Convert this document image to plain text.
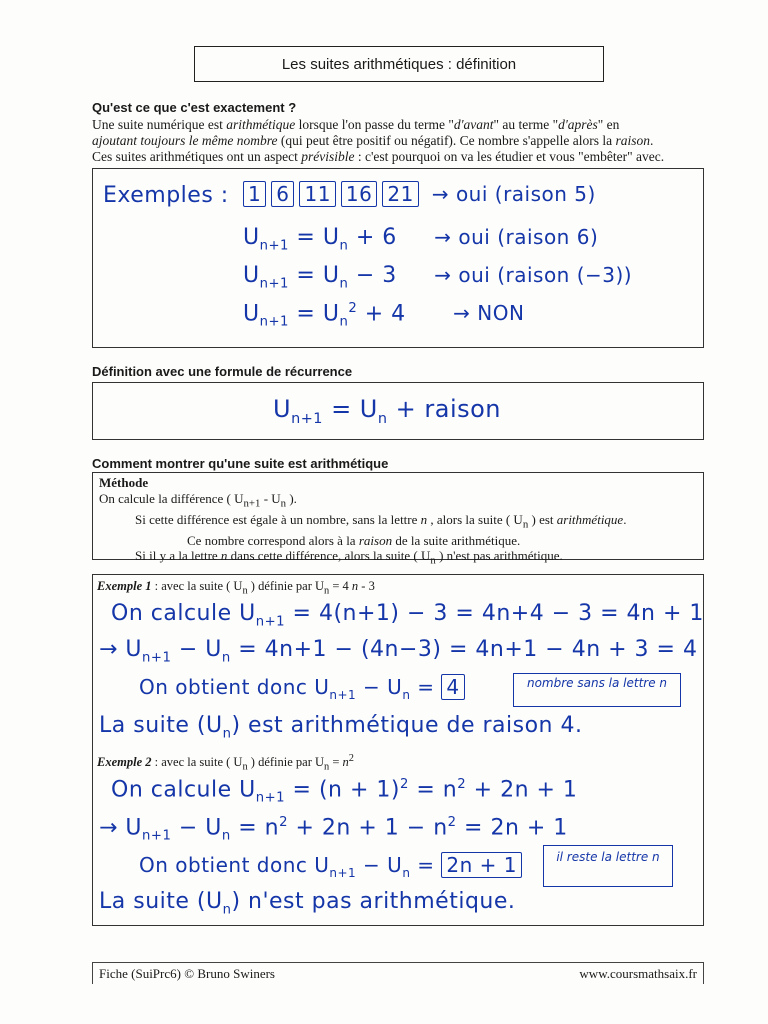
Les suites arithmétiques : définition
Qu'est ce que c'est exactement ?
Une suite numérique est arithmétique lorsque l'on passe du terme "d'avant" au terme "d'après" en
ajoutant toujours le même nombre (qui peut être positif ou négatif). Ce nombre s'appelle alors la raison.
Ces suites arithmétiques ont un aspect prévisible : c'est pourquoi on va les étudier et vous "embêter" avec.
Exemples : 1 6 11 16 21 → oui (raison 5)
$U_{n+1} = U_n + 6$ → oui (raison 6)
$U_{n+1} = U_n - 3$ → oui (raison (−3))
$U_{n+1} = U_n^2 + 4$ → NON
Définition avec une formule de récurrence
$U_{n+1} = U_n$ + raison
Comment montrer qu'une suite est arithmétique
Méthode
On calcule la différence ( $U_{n+1} - U_n$ ).
Si cette différence est égale à un nombre, sans la lettre n , alors la suite ( $U_n$ ) est arithmétique.
Ce nombre correspond alors à la raison de la suite arithmétique.
Si il y a la lettre n dans cette différence, alors la suite ( $U_n$ ) n'est pas arithmétique.
Exemple 1 : avec la suite ( $U_n$ ) définie par $U_n = 4$ n - 3
On calcule $U_{n+1} = 4(n+1) - 3 = 4n+4 - 3 = 4n + 1$
→ $U_{n+1} - U_n = 4n+1 - (4n-3) = 4n+1 - 4n + 3 = 4$
On obtient donc $U_{n+1} - U_n = 4$	nombre sans la lettre n
La suite $(U_n)$ est arithmétique de raison 4.
Exemple 2 : avec la suite ( $U_n$ ) définie par $U_n = n^2$
On calcule $U_{n+1} = (n + 1)^2 = n^2 + 2n + 1$
→ $U_{n+1} - U_n = n^2 + 2n + 1 - n^2 = 2n + 1$
On obtient donc $U_{n+1} - U_n = 2n + 1$	il reste la lettre n
La suite $(U_n)$ n'est pas arithmétique.
Fiche (SuiPrc6) © Bruno Swiners	www.coursmathsaix.fr
